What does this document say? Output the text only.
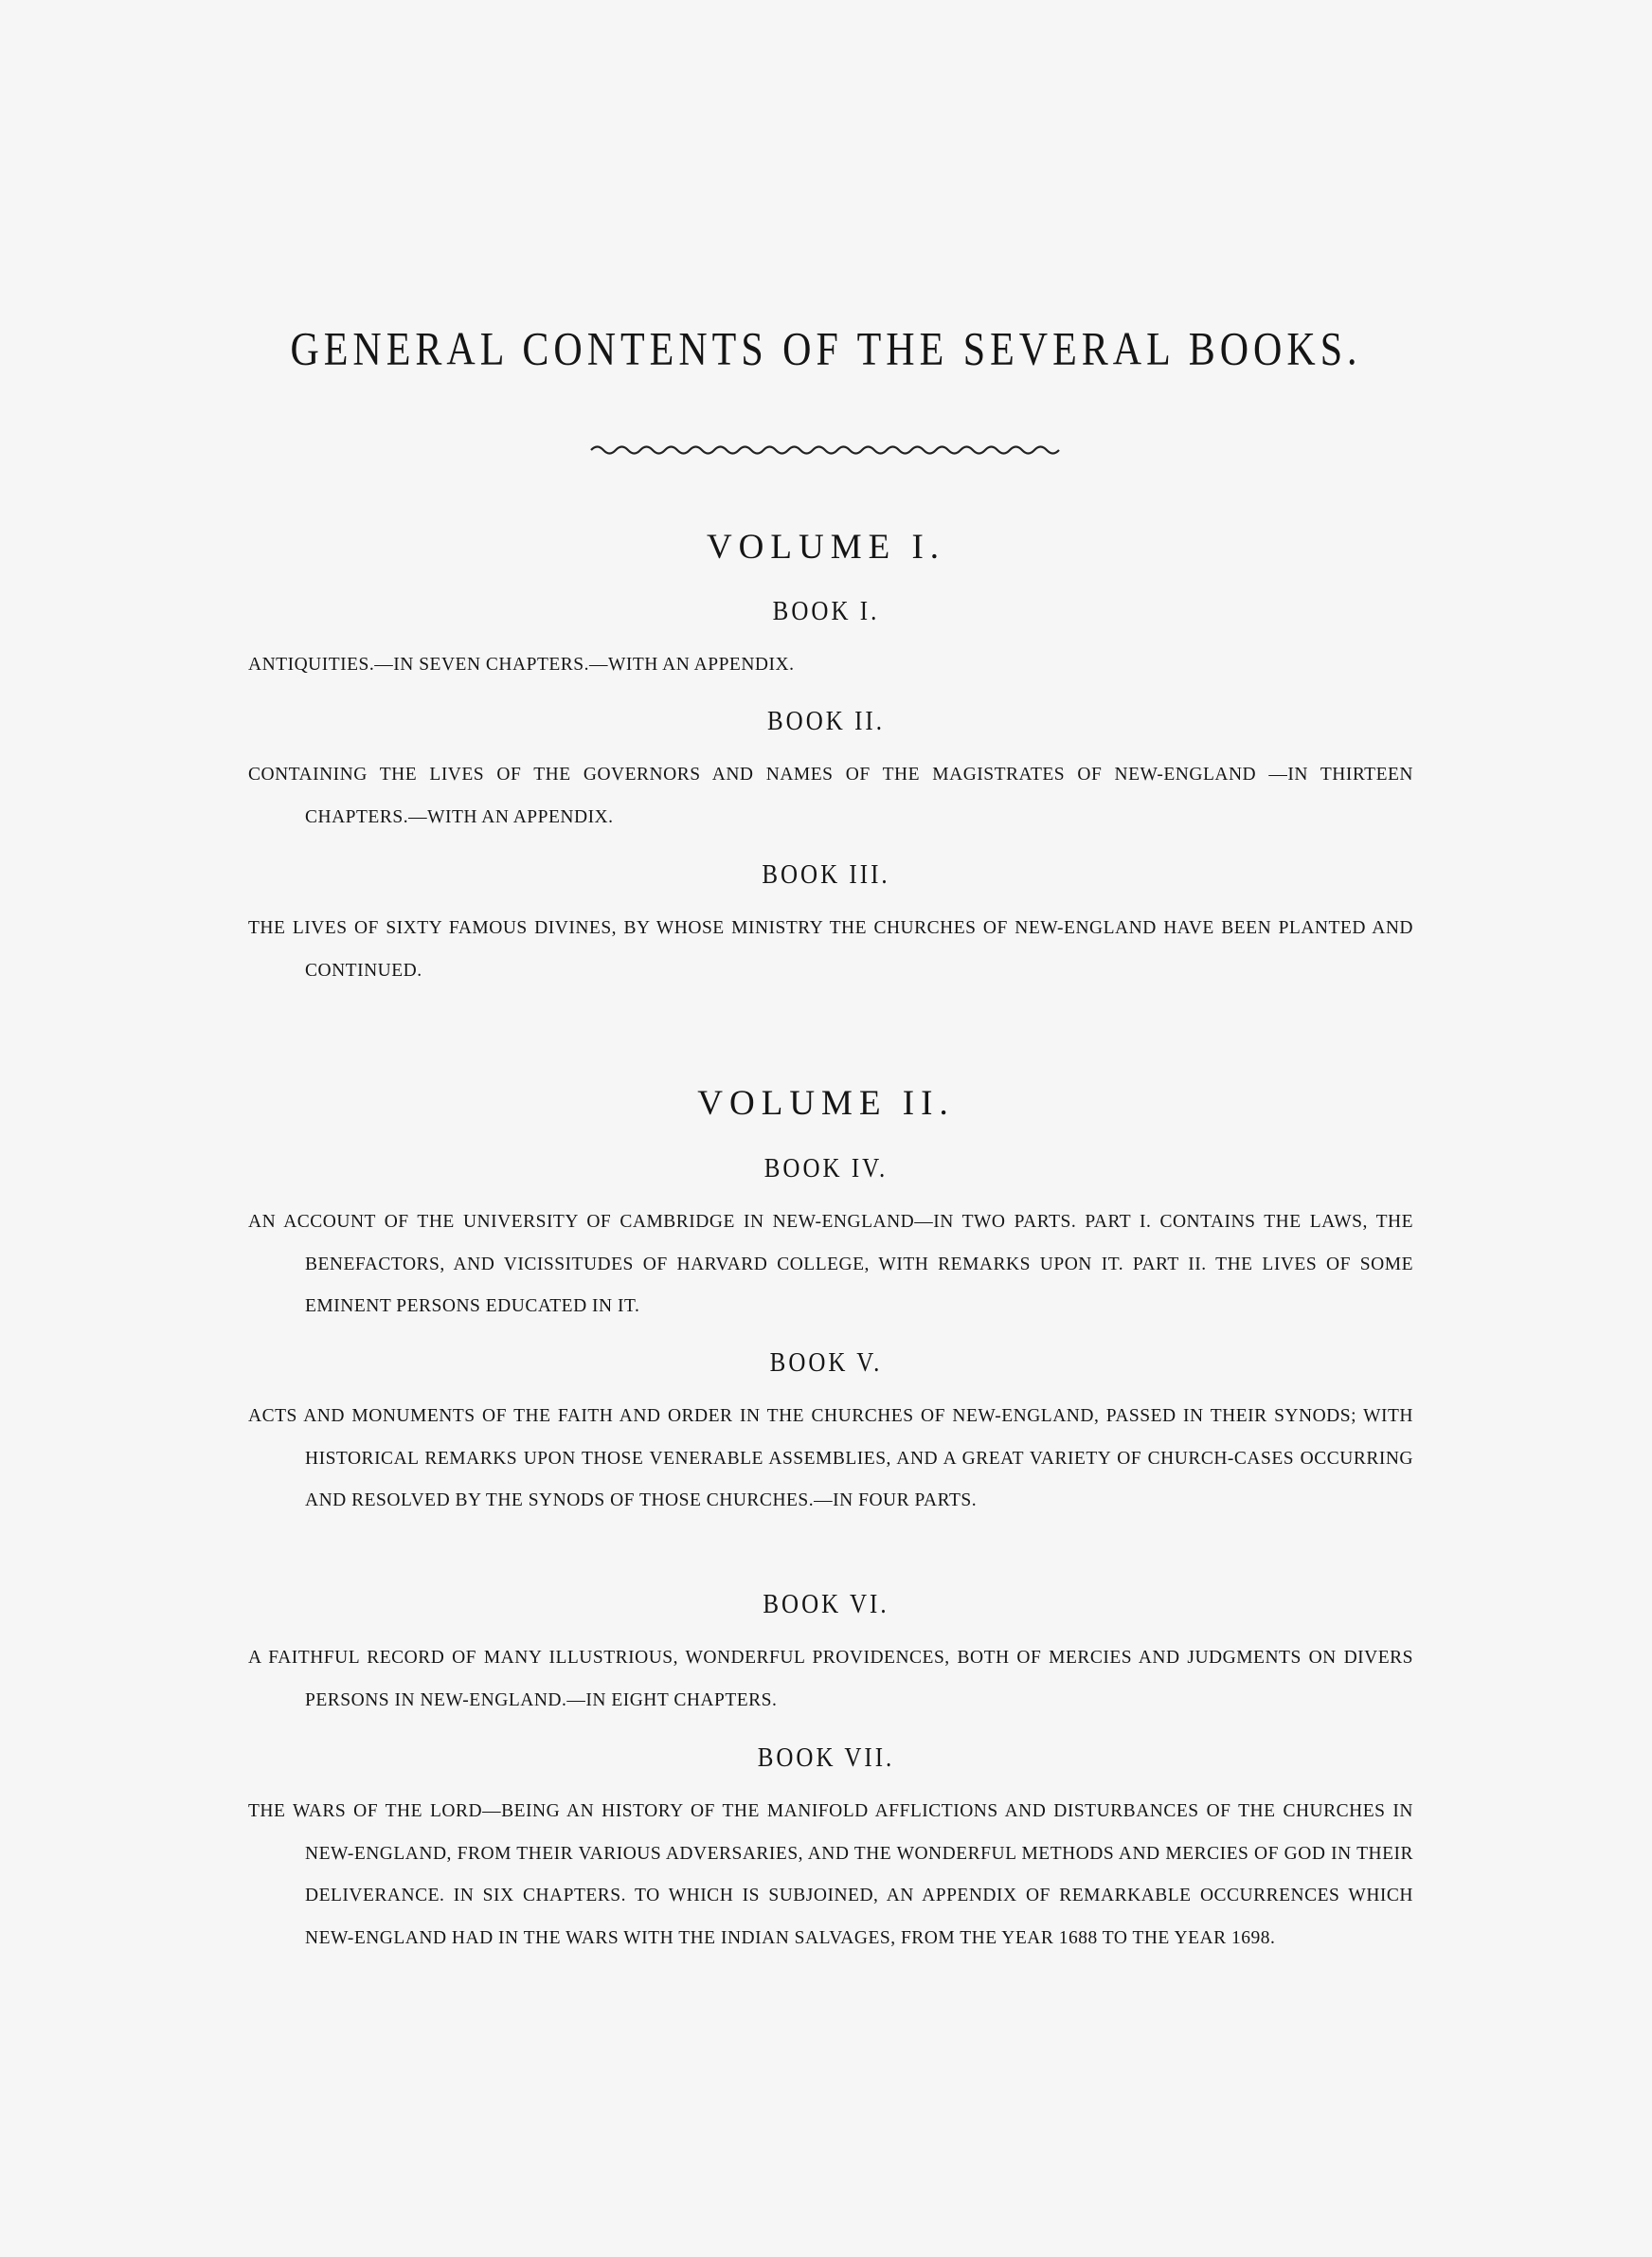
GENERAL CONTENTS OF THE SEVERAL BOOKS.
VOLUME I.
BOOK I.

ANTIQUITIES.—IN SEVEN CHAPTERS.—WITH AN APPENDIX.

BOOK II.

CONTAINING THE LIVES OF THE GOVERNORS AND NAMES OF THE MAGISTRATES OF NEW-ENGLAND —IN THIRTEEN CHAPTERS.—WITH AN APPENDIX.

BOOK III.

THE LIVES OF SIXTY FAMOUS DIVINES, BY WHOSE MINISTRY THE CHURCHES OF NEW-ENGLAND HAVE BEEN PLANTED AND CONTINUED.

VOLUME II.
BOOK IV.

AN ACCOUNT OF THE UNIVERSITY OF CAMBRIDGE IN NEW-ENGLAND—IN TWO PARTS. PART I. CONTAINS THE LAWS, THE BENEFACTORS, AND VICISSITUDES OF HARVARD COLLEGE, WITH REMARKS UPON IT. PART II. THE LIVES OF SOME EMINENT PERSONS EDUCATED IN IT.

BOOK V.

ACTS AND MONUMENTS OF THE FAITH AND ORDER IN THE CHURCHES OF NEW-ENGLAND, PASSED IN THEIR SYNODS; WITH HISTORICAL REMARKS UPON THOSE VENERABLE ASSEMBLIES, AND A GREAT VARIETY OF CHURCH-CASES OCCURRING AND RESOLVED BY THE SYNODS OF THOSE CHURCHES.—IN FOUR PARTS.

BOOK VI.

A FAITHFUL RECORD OF MANY ILLUSTRIOUS, WONDERFUL PROVIDENCES, BOTH OF MERCIES AND JUDGMENTS ON DIVERS PERSONS IN NEW-ENGLAND.—IN EIGHT CHAPTERS.

BOOK VII.

THE WARS OF THE LORD—BEING AN HISTORY OF THE MANIFOLD AFFLICTIONS AND DISTURBANCES OF THE CHURCHES IN NEW-ENGLAND, FROM THEIR VARIOUS ADVERSARIES, AND THE WONDERFUL METHODS AND MERCIES OF GOD IN THEIR DELIVERANCE. IN SIX CHAPTERS. TO WHICH IS SUBJOINED, AN APPENDIX OF REMARKABLE OCCURRENCES WHICH NEW-ENGLAND HAD IN THE WARS WITH THE INDIAN SALVAGES, FROM THE YEAR 1688 TO THE YEAR 1698.
